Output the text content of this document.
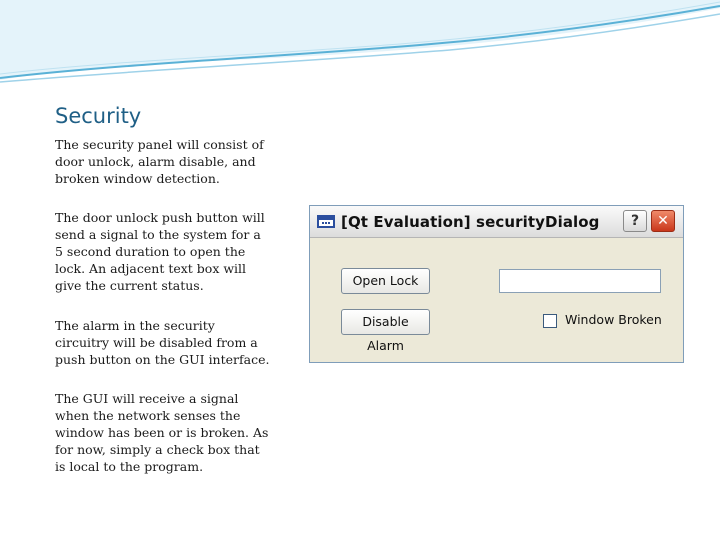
Security
The security panel will consist of door unlock, alarm disable, and broken window detection.
The door unlock push button will send a signal to the system for a 5 second duration to open the lock. An adjacent text box will give the current status.
The alarm in the security circuitry will be disabled from a push button on the GUI interface.
The GUI will receive a signal when the network senses the window has been or is broken. As for now, simply a check box that is local to the program.
[Qt Evaluation] securityDialog	?	✕
Open Lock
Disable Alarm
Window Broken
